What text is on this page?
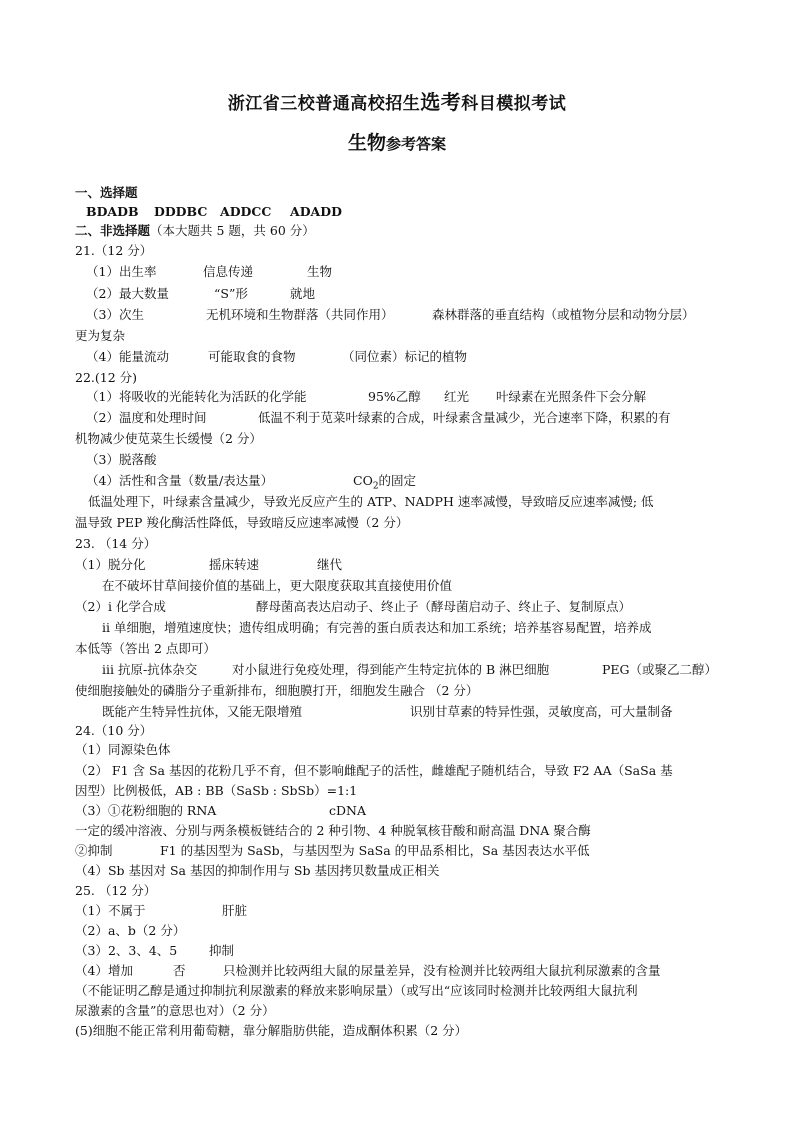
浙江省三校普通高校招生选考科目模拟考试
生物参考答案
一、选择题
BDADB DDDBC ADDCC ADADD
二、非选择题（本大题共 5 题，共 60 分）
21.（12 分）
（1）出生率	信息传递	生物
（2）最大数量	“S”形	就地
（3）次生	无机环境和生物群落（共同作用）	森林群落的垂直结构（或植物分层和动物分层）
更为复杂
（4）能量流动	可能取食的食物	（同位素）标记的植物
22.(12 分)
（1）将吸收的光能转化为活跃的化学能	95%乙醇 红光 叶绿素在光照条件下会分解
（2）温度和处理时间	低温不利于苋菜叶绿素的合成，叶绿素含量减少，光合速率下降，积累的有
机物减少使苋菜生长缓慢（2 分）
（3）脱落酸
（4）活性和含量（数量/表达量）	$CO_2$的固定
低温处理下，叶绿素含量减少，导致光反应产生的 ATP、NADPH 速率减慢，导致暗反应速率减慢; 低
温导致 PEP 羧化酶活性降低，导致暗反应速率减慢（2 分）
23. （14 分）
（1）脱分化	摇床转速	继代
在不破坏甘草间接价值的基础上，更大限度获取其直接使用价值
（2）i 化学合成	酵母菌高表达启动子、终止子（酵母菌启动子、终止子、复制原点）
ii 单细胞，增殖速度快；遗传组成明确；有完善的蛋白质表达和加工系统；培养基容易配置，培养成
本低等（答出 2 点即可）
iii 抗原-抗体杂交	对小鼠进行免疫处理，得到能产生特定抗体的 B 淋巴细胞	PEG（或聚乙二醇）
使细胞接触处的磷脂分子重新排布，细胞膜打开，细胞发生融合 （2 分）
既能产生特异性抗体，又能无限增殖	识别甘草素的特异性强，灵敏度高，可大量制备
24.（10 分）
（1）同源染色体
（2） F1 含 Sa 基因的花粉几乎不育，但不影响雌配子的活性，雌雄配子随机结合，导致 F2 AA（SaSa 基
因型）比例极低，AB : BB（SaSb : SbSb）=1:1
（3）①花粉细胞的 RNA	cDNA
一定的缓冲溶液、分别与两条模板链结合的 2 种引物、4 种脱氧核苷酸和耐高温 DNA 聚合酶
②抑制	F1 的基因型为 SaSb，与基因型为 SaSa 的甲品系相比，Sa 基因表达水平低
（4）Sb 基因对 Sa 基因的抑制作用与 Sb 基因拷贝数量成正相关
25. （12 分）
（1）不属于	肝脏
（2）a、b（2 分）
（3）2、3、4、5	抑制
（4）增加	否	只检测并比较两组大鼠的尿量差异，没有检测并比较两组大鼠抗利尿激素的含量
（不能证明乙醇是通过抑制抗利尿激素的释放来影响尿量）（或写出“应该同时检测并比较两组大鼠抗利
尿激素的含量”的意思也对）（2 分）
(5)细胞不能正常利用葡萄糖，靠分解脂肪供能，造成酮体积累（2 分）
